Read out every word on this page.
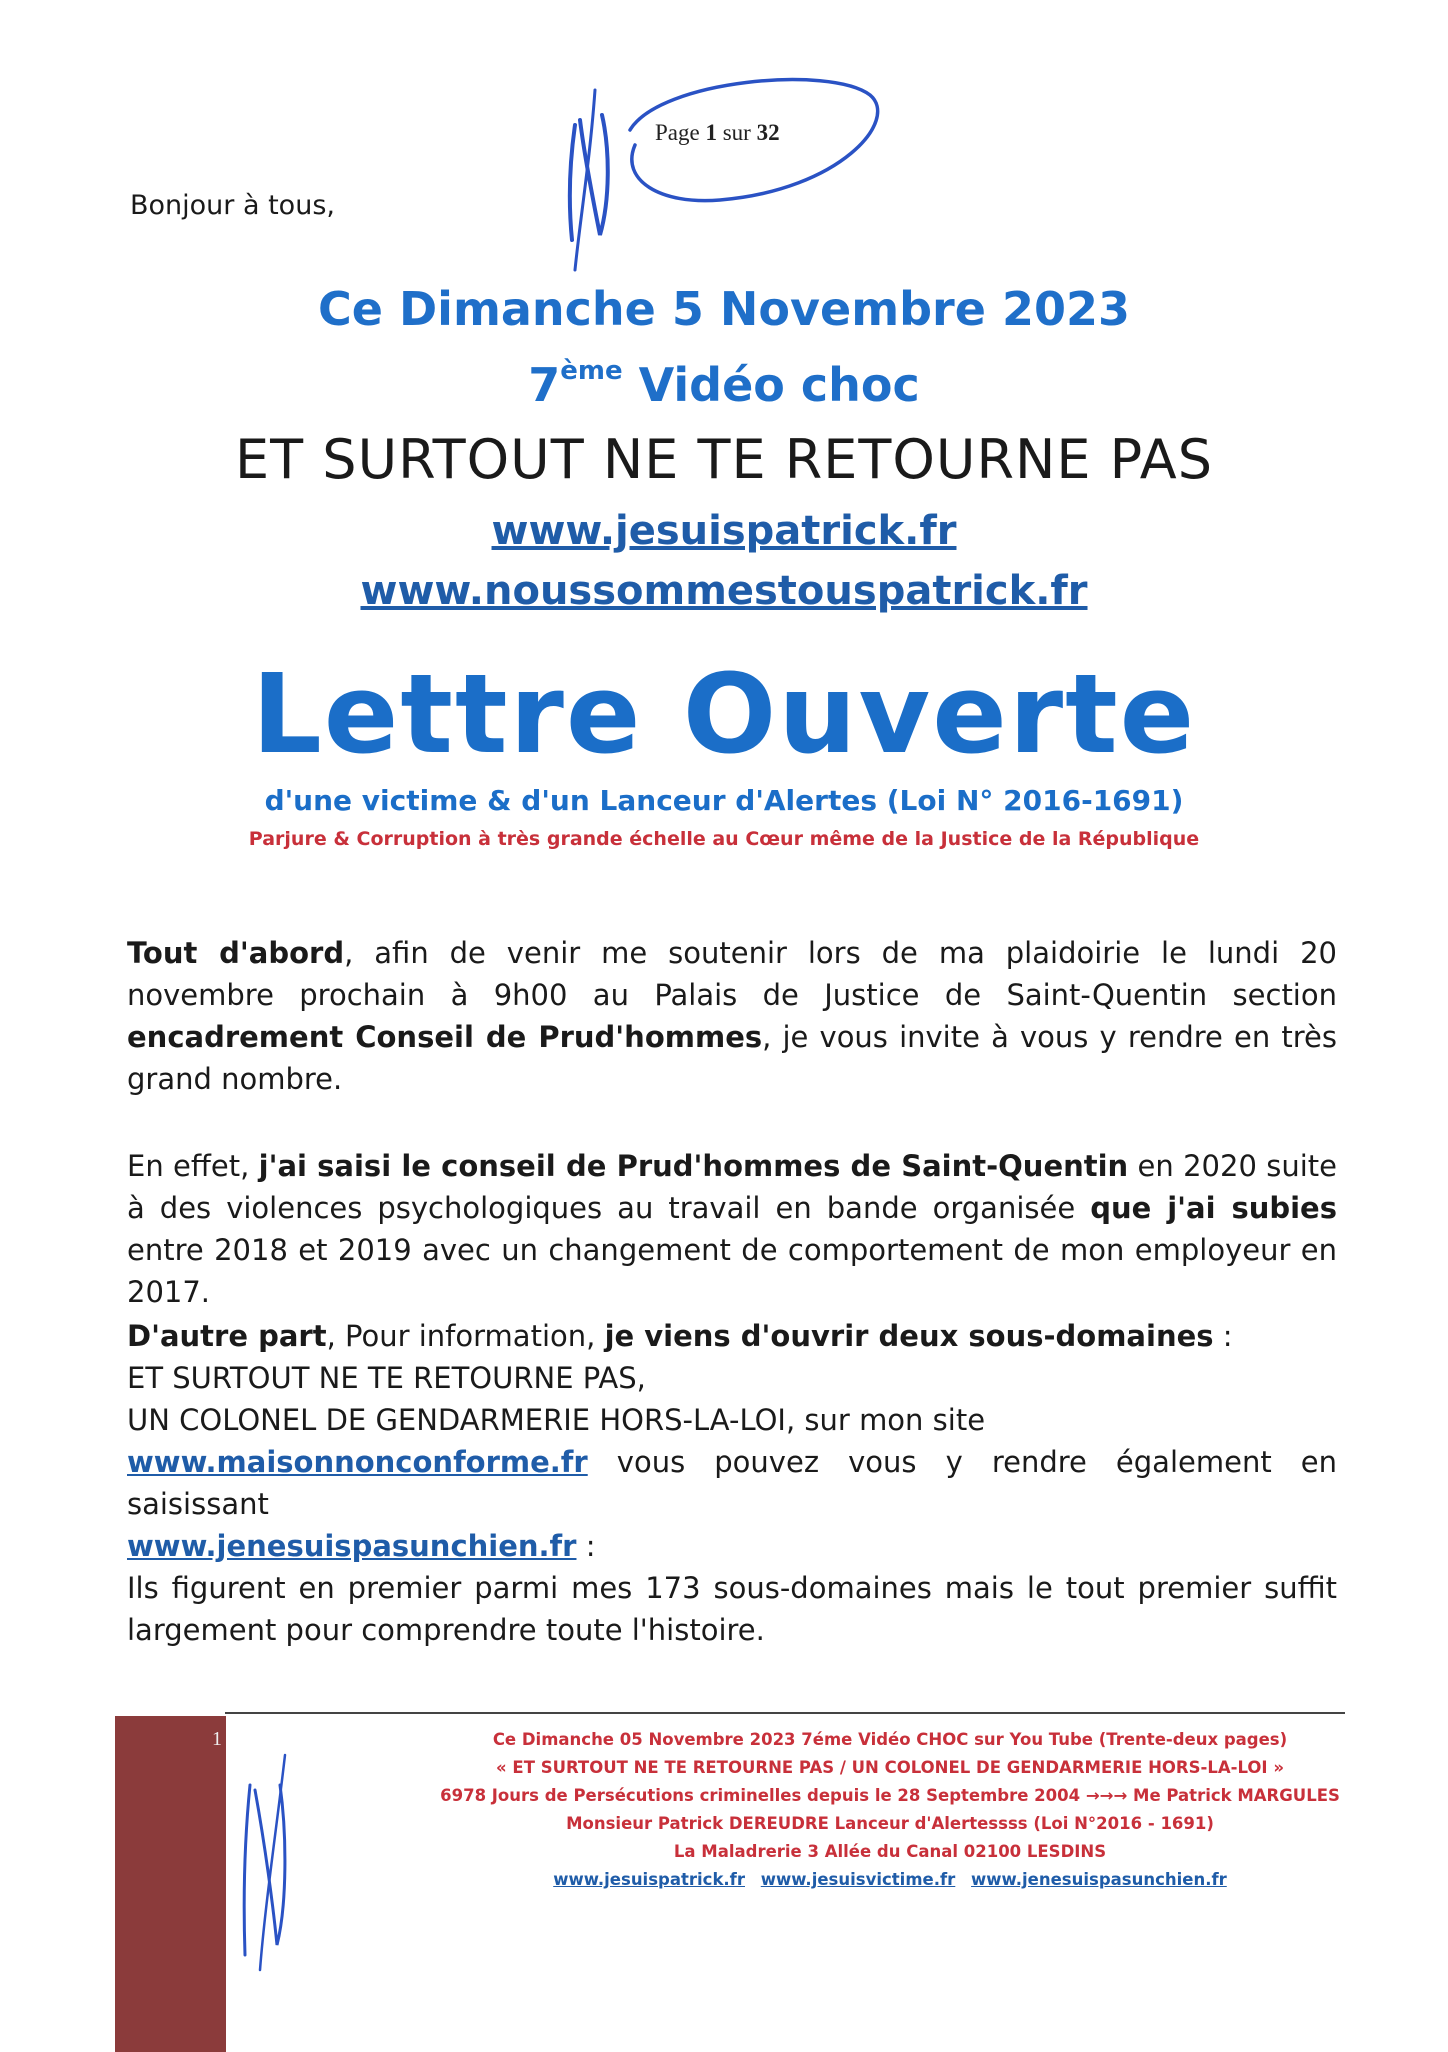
Page 1 sur 32
Bonjour à tous,
Ce Dimanche 5 Novembre 2023
7ème Vidéo choc
ET SURTOUT NE TE RETOURNE PAS
www.jesuispatrick.fr
www.noussommestouspatrick.fr
Lettre Ouverte
d'une victime & d'un Lanceur d'Alertes (Loi N° 2016-1691)
Parjure & Corruption à très grande échelle au Cœur même de la Justice de la République
Tout d'abord, afin de venir me soutenir lors de ma plaidoirie le lundi 20 novembre prochain à 9h00 au Palais de Justice de Saint-Quentin section encadrement Conseil de Prud'hommes, je vous invite à vous y rendre en très grand nombre.
En effet, j'ai saisi le conseil de Prud'hommes de Saint-Quentin en 2020 suite à des violences psychologiques au travail en bande organisée que j'ai subies entre 2018 et 2019 avec un changement de comportement de mon employeur en 2017.
D'autre part, Pour information, je viens d'ouvrir deux sous-domaines :
ET SURTOUT NE TE RETOURNE PAS,
UN COLONEL DE GENDARMERIE HORS-LA-LOI, sur mon site
www.maisonnonconforme.fr vous pouvez vous y rendre également en saisissant
www.jenesuispasunchien.fr :
Ils figurent en premier parmi mes 173 sous-domaines mais le tout premier suffit largement pour comprendre toute l'histoire.
1	Ce Dimanche 05 Novembre 2023 7éme Vidéo CHOC sur You Tube (Trente-deux pages)
« ET SURTOUT NE TE RETOURNE PAS / UN COLONEL DE GENDARMERIE HORS-LA-LOI »
6978 Jours de Persécutions criminelles depuis le 28 Septembre 2004 →→→ Me Patrick MARGULES
Monsieur Patrick DEREUDRE Lanceur d'Alertessss (Loi N°2016 - 1691)
La Maladrerie 3 Allée du Canal 02100 LESDINS
www.jesuispatrick.fr www.jesuisvictime.fr www.jenesuispasunchien.fr
